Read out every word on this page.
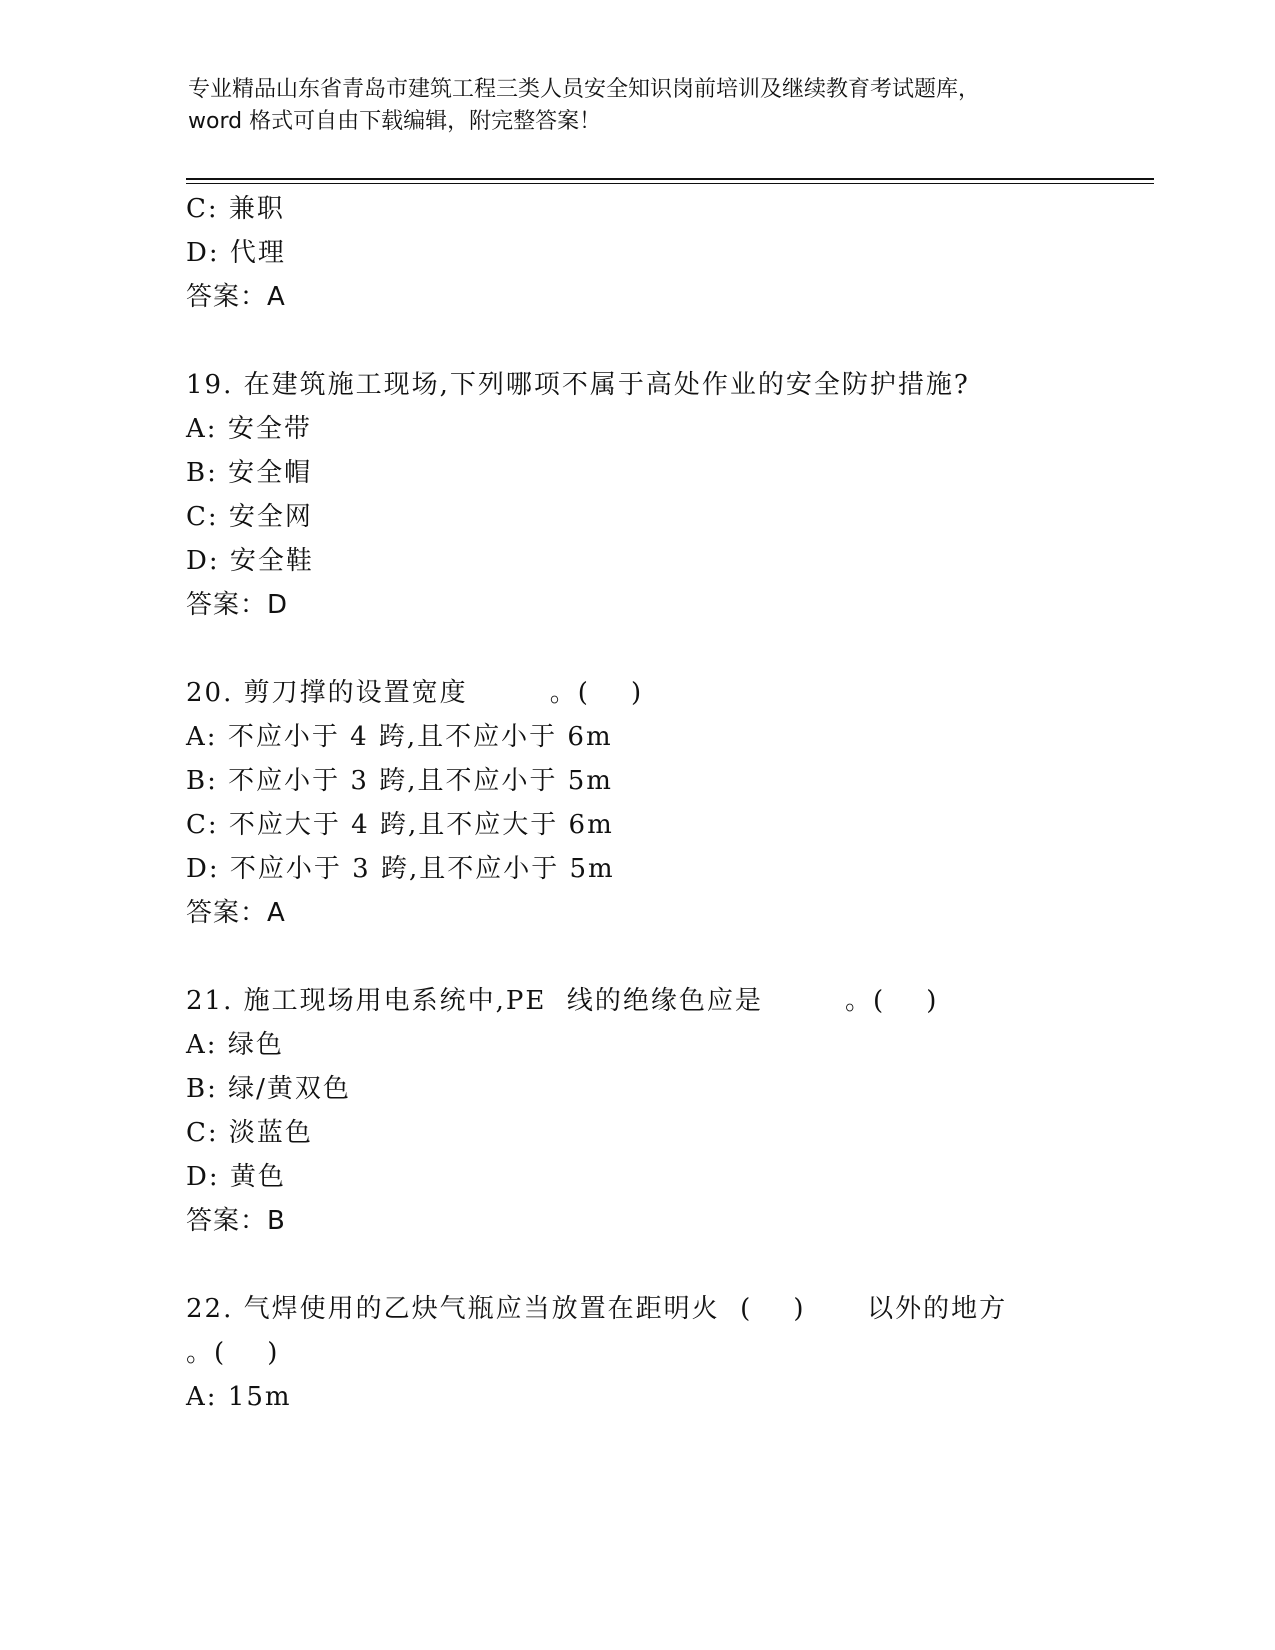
专业精品山东省青岛市建筑工程三类人员安全知识岗前培训及继续教育考试题库，
word 格式可自由下载编辑，附完整答案！
C: 兼职
D: 代理
答案：A
19. 在建筑施工现场,下列哪项不属于高处作业的安全防护措施?
A: 安全带
B: 安全帽
C: 安全网
D: 安全鞋
答案：D
20. 剪刀撑的设置宽度        。(    )
A: 不应小于 4 跨,且不应小于 6m
B: 不应小于 3 跨,且不应小于 5m
C: 不应大于 4 跨,且不应大于 6m
D: 不应小于 3 跨,且不应小于 5m
答案：A
21. 施工现场用电系统中,PE  线的绝缘色应是        。(    )
A: 绿色
B: 绿/黄双色
C: 淡蓝色
D: 黄色
答案：B
22. 气焊使用的乙炔气瓶应当放置在距明火  (    )      以外的地方
。(    )
A: 15m
